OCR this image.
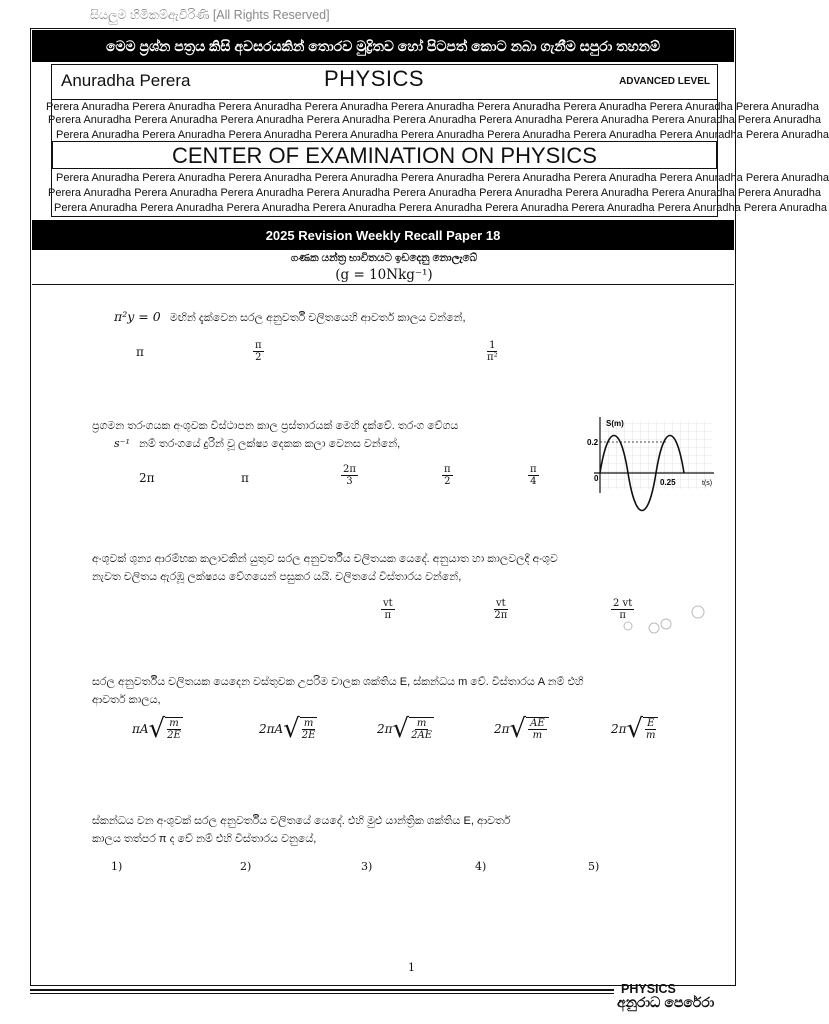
සියලුම හිමිකම්ඇවිරිණි [All Rights Reserved]
මෙම ප්‍රශ්න පත්‍රය කිසි අවසරයකින් තොරව මුද්‍රිතව හෝ පිටපත් කොට නබා ගැනීම සපුරා තහනම්
Anuradha Perera	PHYSICS	ADVANCED LEVEL
Perera Anuradha Perera Anuradha Perera Anuradha Perera Anuradha Perera Anuradha Perera Anuradha Perera Anuradha Perera Anuradha Perera Anuradha
Perera Anuradha Perera Anuradha Perera Anuradha Perera Anuradha Perera Anuradha Perera Anuradha Perera Anuradha Perera Anuradha Perera Anuradha
Perera Anuradha Perera Anuradha Perera Anuradha Perera Anuradha Perera Anuradha Perera Anuradha Perera Anuradha Perera Anuradha Perera Anuradha
CENTER OF EXAMINATION ON PHYSICS
Perera Anuradha Perera Anuradha Perera Anuradha Perera Anuradha Perera Anuradha Perera Anuradha Perera Anuradha Perera Anuradha Perera Anuradha
Perera Anuradha Perera Anuradha Perera Anuradha Perera Anuradha Perera Anuradha Perera Anuradha Perera Anuradha Perera Anuradha Perera Anuradha
Perera Anuradha Perera Anuradha Perera Anuradha Perera Anuradha Perera Anuradha Perera Anuradha Perera Anuradha Perera Anuradha Perera Anuradha
2025 Revision Weekly Recall Paper 18
ගණක යන්ත්‍ර භාවිතයට ඉඩදෙනු නොලැබේ
(g = 10Nkg⁻¹)
π²y = 0 මඟින් දැක්වෙන සරල අනුවර්තී චලිතයෙහි ආවර්ත කාලය වන්නේ,
π	$\frac{\pi}{2}$	$\frac{1}{\text{π²}}$
ප්‍රගමන තරංගයක අංශුවක විස්ථාපන කාල ප්‍රස්තාරයක් මෙහි දැක්වේ. තරංග වේගය
s⁻¹ නම් තරංගයේ දුරින් වූ ලක්ෂ්‍ය දෙකක කලා වෙනස වන්නේ,
2π	π	$\frac{2\pi}{3}$	$\frac{\pi}{2}$	$\frac{\pi}{4}$
S(m)
0.2
0	0.25	t(s)
අංශුවක් ශුන්‍ය ආරම්භක කලාවකින් යුතුව සරල අනුවර්තීය චලිතයක යෙදේ. අනුයාත හා කාලවලදී අංශුව
නැවත චලිතය ඇරඹූ ලක්ෂ්‍යය වේගයෙන් පසුකර යයි. චලිතයේ විස්තාරය වන්නේ,
$\frac{vt}{\pi}$	$\frac{vt}{2\pi}$	$\frac{2 vt}{\pi}$
සරල අනුවර්තීය චලිතයක යෙදෙන වස්තුවක උපරිම චාලක ශක්තිය E, ස්කන්ධය m වේ. විස්තාරය A නම් එහි
ආවර්ත කාලය,
πA √ $\frac{m}{2E}$	2πA √ $\frac{m}{2E}$	2π √ $\frac{m}{2AE}$	2π √ $\frac{AE}{m}$	2π √ $\frac{E}{m}$
ස්කන්ධය වන අංශුවක් සරල අනුවර්තීය චලිතයේ යෙදේ. එහි මුළු යාන්ත්‍රික ශක්තිය E, ආවර්ත
කාලය තත්පර π ද වේ නම් එහි විස්තාරය වනුයේ,
1)	2)	3)	4)	5)
1
PHYSICS
අනුරාධ පෙරේරා
